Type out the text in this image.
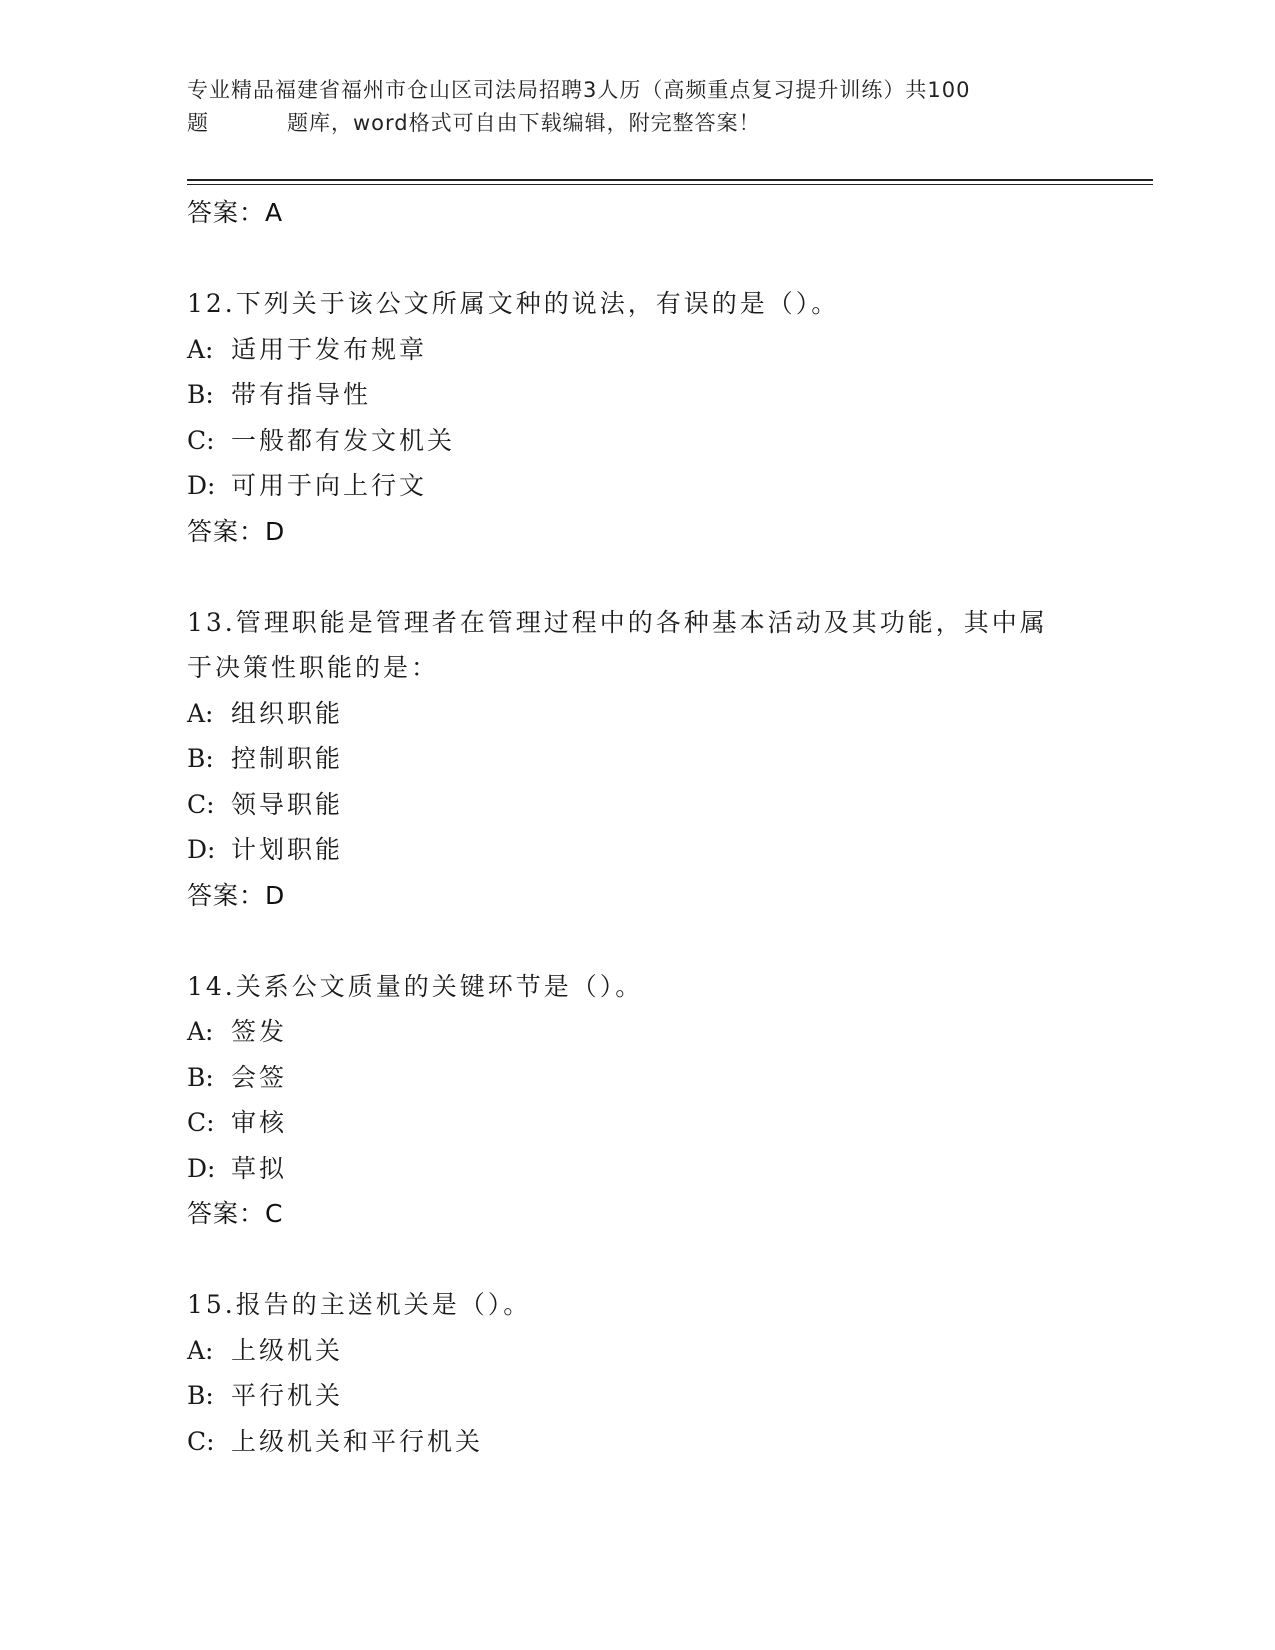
专业精品福建省福州市仓山区司法局招聘3人历（高频重点复习提升训练）共100
题	题库，word格式可自由下载编辑，附完整答案！
答案：A
12.下列关于该公文所属文种的说法，有误的是（）。
A: 适用于发布规章
B: 带有指导性
C: 一般都有发文机关
D: 可用于向上行文
答案：D
13.管理职能是管理者在管理过程中的各种基本活动及其功能，其中属
于决策性职能的是：
A: 组织职能
B: 控制职能
C: 领导职能
D: 计划职能
答案：D
14.关系公文质量的关键环节是（）。
A: 签发
B: 会签
C: 审核
D: 草拟
答案：C
15.报告的主送机关是（）。
A: 上级机关
B: 平行机关
C: 上级机关和平行机关
